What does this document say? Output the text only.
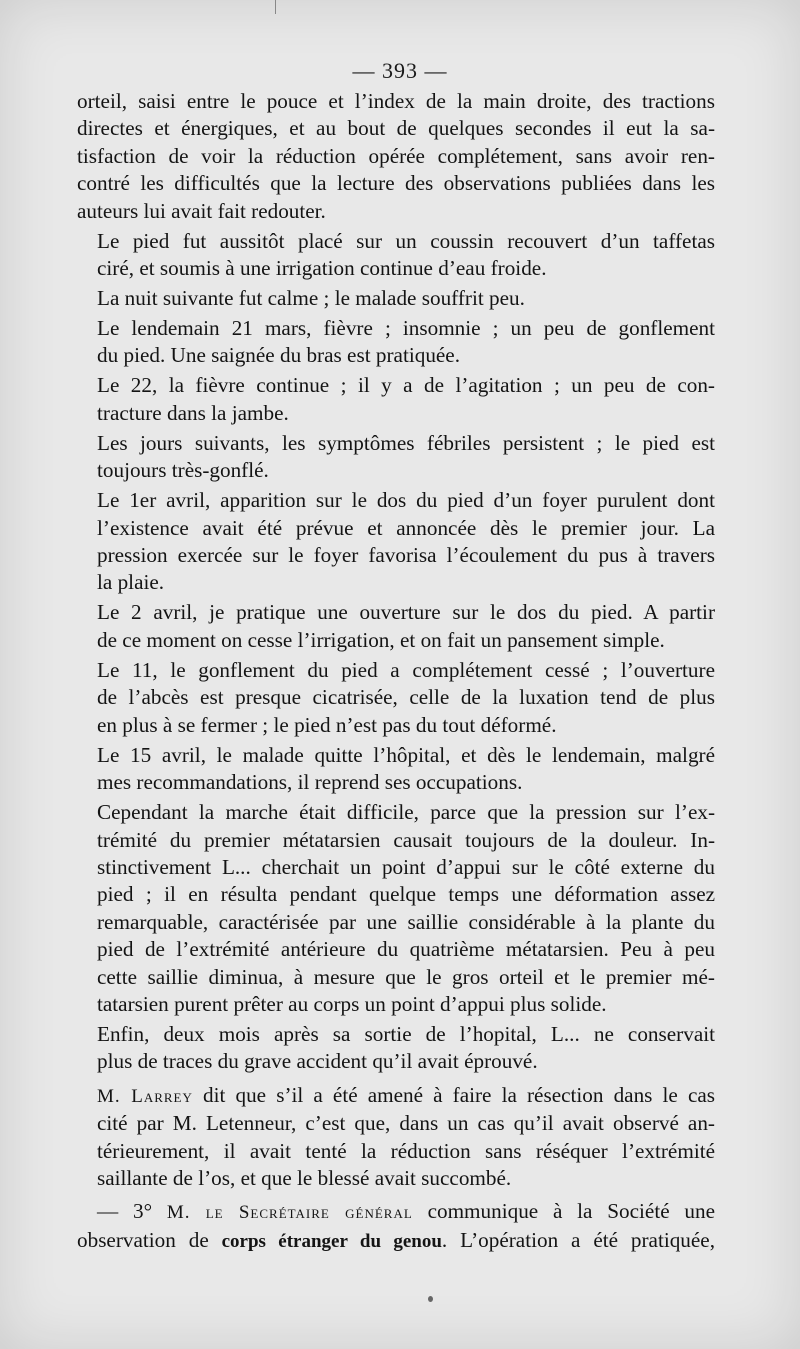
— 393 —
orteil, saisi entre le pouce et l’index de la main droite, des tractions
directes et énergiques, et au bout de quelques secondes il eut la sa-
tisfaction de voir la réduction opérée complétement, sans avoir ren-
contré les difficultés que la lecture des observations publiées dans les
auteurs lui avait fait redouter.
Le pied fut aussitôt placé sur un coussin recouvert d’un taffetas
ciré, et soumis à une irrigation continue d’eau froide.
La nuit suivante fut calme ; le malade souffrit peu.
Le lendemain 21 mars, fièvre ; insomnie ; un peu de gonflement
du pied. Une saignée du bras est pratiquée.
Le 22, la fièvre continue ; il y a de l’agitation ; un peu de con-
tracture dans la jambe.
Les jours suivants, les symptômes fébriles persistent ; le pied est
toujours très-gonflé.
Le 1er avril, apparition sur le dos du pied d’un foyer purulent dont
l’existence avait été prévue et annoncée dès le premier jour. La
pression exercée sur le foyer favorisa l’écoulement du pus à travers
la plaie.
Le 2 avril, je pratique une ouverture sur le dos du pied. A partir
de ce moment on cesse l’irrigation, et on fait un pansement simple.
Le 11, le gonflement du pied a complétement cessé ; l’ouverture
de l’abcès est presque cicatrisée, celle de la luxation tend de plus
en plus à se fermer ; le pied n’est pas du tout déformé.
Le 15 avril, le malade quitte l’hôpital, et dès le lendemain, malgré
mes recommandations, il reprend ses occupations.
Cependant la marche était difficile, parce que la pression sur l’ex-
trémité du premier métatarsien causait toujours de la douleur. In-
stinctivement L... cherchait un point d’appui sur le côté externe du
pied ; il en résulta pendant quelque temps une déformation assez
remarquable, caractérisée par une saillie considérable à la plante du
pied de l’extrémité antérieure du quatrième métatarsien. Peu à peu
cette saillie diminua, à mesure que le gros orteil et le premier mé-
tatarsien purent prêter au corps un point d’appui plus solide.
Enfin, deux mois après sa sortie de l’hopital, L... ne conservait
plus de traces du grave accident qu’il avait éprouvé.
M. Larrey dit que s’il a été amené à faire la résection dans le cas
cité par M. Letenneur, c’est que, dans un cas qu’il avait observé an-
térieurement, il avait tenté la réduction sans réséquer l’extrémité
saillante de l’os, et que le blessé avait succombé.
— 3° M. le Secrétaire général communique à la Société une
observation de corps étranger du genou. L’opération a été pratiquée,
